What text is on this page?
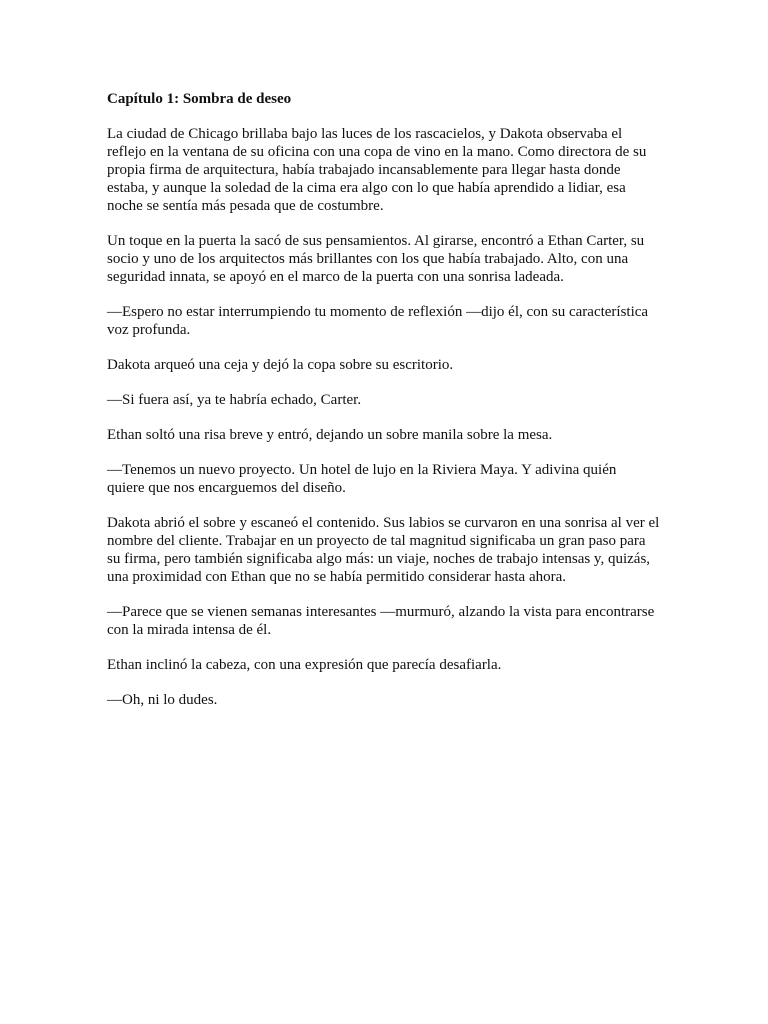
Capítulo 1: Sombra de deseo
La ciudad de Chicago brillaba bajo las luces de los rascacielos, y Dakota observaba el
reflejo en la ventana de su oficina con una copa de vino en la mano. Como directora de su
propia firma de arquitectura, había trabajado incansablemente para llegar hasta donde
estaba, y aunque la soledad de la cima era algo con lo que había aprendido a lidiar, esa
noche se sentía más pesada que de costumbre.
Un toque en la puerta la sacó de sus pensamientos. Al girarse, encontró a Ethan Carter, su
socio y uno de los arquitectos más brillantes con los que había trabajado. Alto, con una
seguridad innata, se apoyó en el marco de la puerta con una sonrisa ladeada.
—Espero no estar interrumpiendo tu momento de reflexión —dijo él, con su característica
voz profunda.
Dakota arqueó una ceja y dejó la copa sobre su escritorio.
—Si fuera así, ya te habría echado, Carter.
Ethan soltó una risa breve y entró, dejando un sobre manila sobre la mesa.
—Tenemos un nuevo proyecto. Un hotel de lujo en la Riviera Maya. Y adivina quién
quiere que nos encarguemos del diseño.
Dakota abrió el sobre y escaneó el contenido. Sus labios se curvaron en una sonrisa al ver el
nombre del cliente. Trabajar en un proyecto de tal magnitud significaba un gran paso para
su firma, pero también significaba algo más: un viaje, noches de trabajo intensas y, quizás,
una proximidad con Ethan que no se había permitido considerar hasta ahora.
—Parece que se vienen semanas interesantes —murmuró, alzando la vista para encontrarse
con la mirada intensa de él.
Ethan inclinó la cabeza, con una expresión que parecía desafiarla.
—Oh, ni lo dudes.
